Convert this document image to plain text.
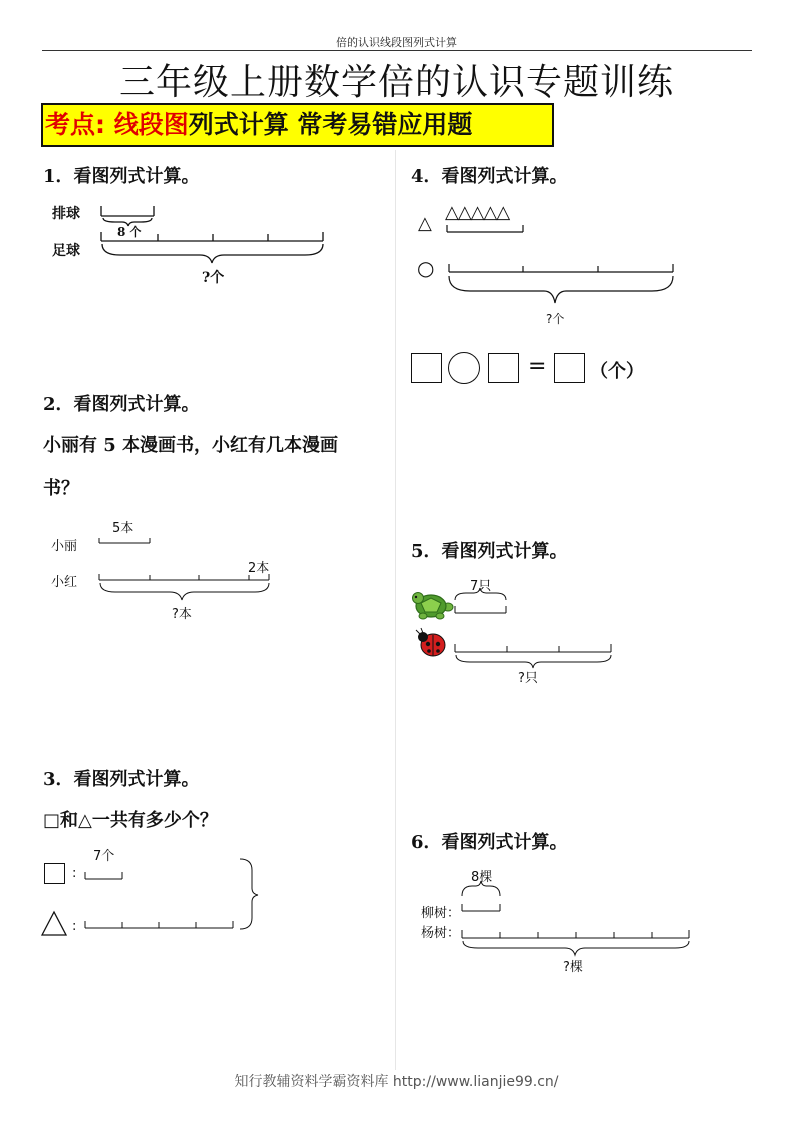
倍的认识线段图列式计算
三年级上册数学倍的认识专题训练
考点: 线段图列式计算 常考易错应用题
1．看图列式计算。
排球
足球
8 个
?个
2．看图列式计算。
小丽有 5 本漫画书，小红有几本漫画
书？
小丽
小红
5本
2本
?本
3．看图列式计算。
□和△一共有多少个？
7个
:
:
4．看图列式计算。
△△△△△
△
○
?个
= （个）
5．看图列式计算。
7只
?只
6．看图列式计算。
8棵
柳树：
杨树：
?棵
知行教辅资料学霸资料库 http://www.lianjie99.cn/
